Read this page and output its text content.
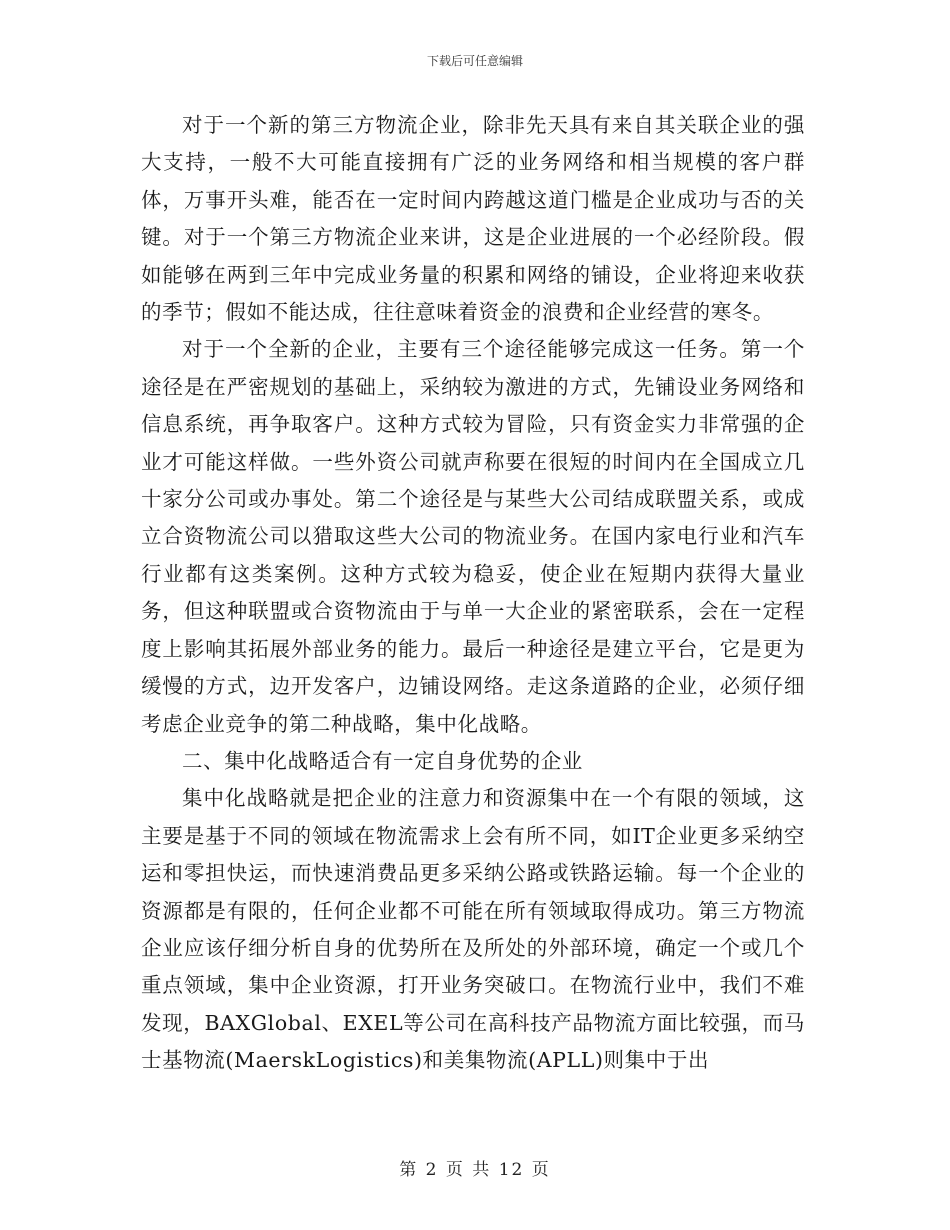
下载后可任意编辑

对于一个新的第三方物流企业，除非先天具有来自其关联企业的强大支持，一般不大可能直接拥有广泛的业务网络和相当规模的客户群体，万事开头难，能否在一定时间内跨越这道门槛是企业成功与否的关键。对于一个第三方物流企业来讲，这是企业进展的一个必经阶段。假如能够在两到三年中完成业务量的积累和网络的铺设，企业将迎来收获的季节；假如不能达成，往往意味着资金的浪费和企业经营的寒冬。

对于一个全新的企业，主要有三个途径能够完成这一任务。第一个途径是在严密规划的基础上，采纳较为激进的方式，先铺设业务网络和信息系统，再争取客户。这种方式较为冒险，只有资金实力非常强的企业才可能这样做。一些外资公司就声称要在很短的时间内在全国成立几十家分公司或办事处。第二个途径是与某些大公司结成联盟关系，或成立合资物流公司以猎取这些大公司的物流业务。在国内家电行业和汽车行业都有这类案例。这种方式较为稳妥，使企业在短期内获得大量业务，但这种联盟或合资物流由于与单一大企业的紧密联系，会在一定程度上影响其拓展外部业务的能力。最后一种途径是建立平台，它是更为缓慢的方式，边开发客户，边铺设网络。走这条道路的企业，必须仔细考虑企业竞争的第二种战略，集中化战略。

二、集中化战略适合有一定自身优势的企业

集中化战略就是把企业的注意力和资源集中在一个有限的领域，这主要是基于不同的领域在物流需求上会有所不同，如IT企业更多采纳空运和零担快运，而快速消费品更多采纳公路或铁路运输。每一个企业的资源都是有限的，任何企业都不可能在所有领域取得成功。第三方物流企业应该仔细分析自身的优势所在及所处的外部环境，确定一个或几个重点领域，集中企业资源，打开业务突破口。在物流行业中，我们不难发现，BAXGlobal、EXEL等公司在高科技产品物流方面比较强，而马士基物流(MaerskLogistics)和美集物流(APLL)则集中于出

第 2 页 共 12 页
